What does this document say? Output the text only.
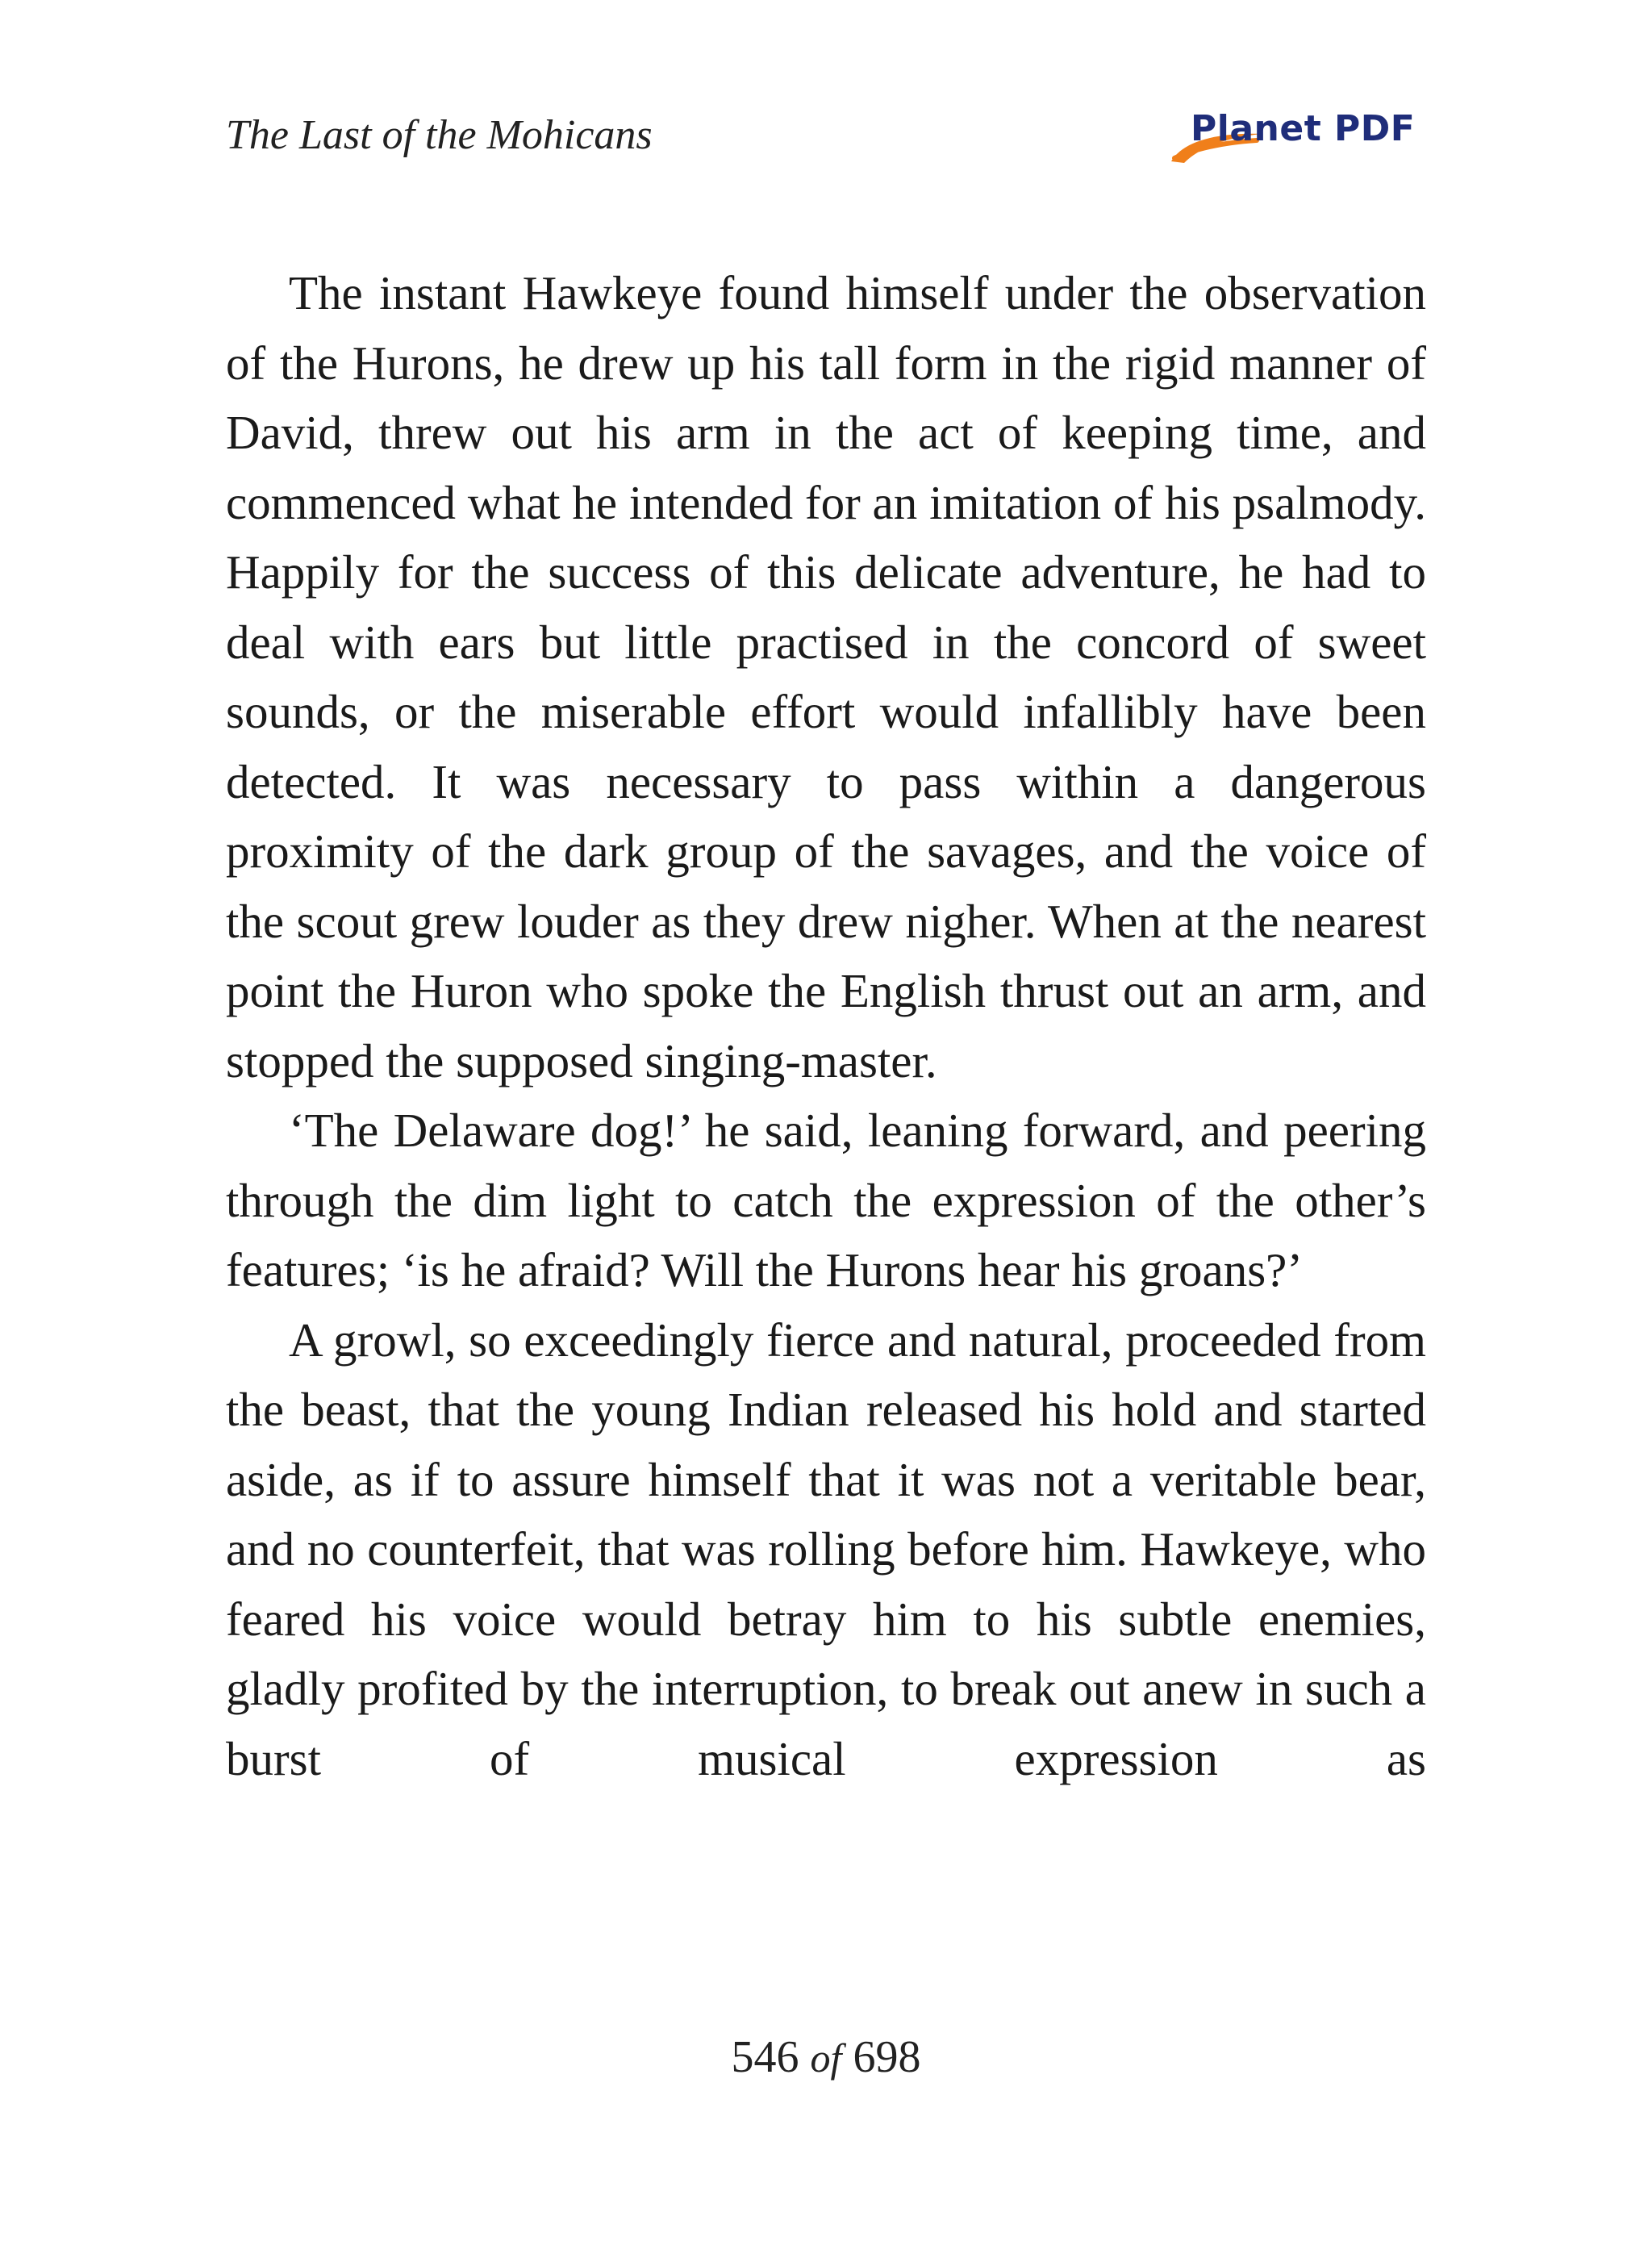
The Last of the Mohicans	Planet PDF

The instant Hawkeye found himself under the observation of the Hurons, he drew up his tall form in the rigid manner of David, threw out his arm in the act of keeping time, and commenced what he intended for an imitation of his psalmody. Happily for the success of this delicate adventure, he had to deal with ears but little practised in the concord of sweet sounds, or the miserable effort would infallibly have been detected. It was necessary to pass within a dangerous proximity of the dark group of the savages, and the voice of the scout grew louder as they drew nigher. When at the nearest point the Huron who spoke the English thrust out an arm, and stopped the supposed singing-master.

‘The Delaware dog!’ he said, leaning forward, and peering through the dim light to catch the expression of the other’s features; ‘is he afraid? Will the Hurons hear his groans?’

A growl, so exceedingly fierce and natural, proceeded from the beast, that the young Indian released his hold and started aside, as if to assure himself that it was not a veritable bear, and no counterfeit, that was rolling before him. Hawkeye, who feared his voice would betray him to his subtle enemies, gladly profited by the interruption, to break out anew in such a burst of musical expression as

546 of 698
